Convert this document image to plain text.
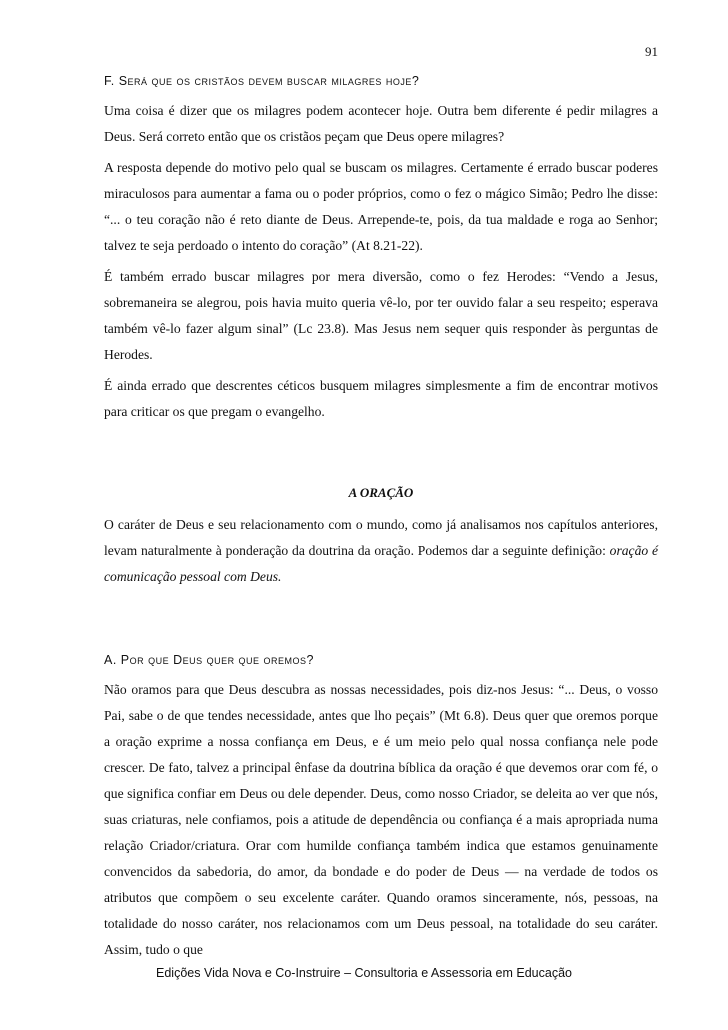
91
F. Será que os cristãos devem buscar milagres hoje?

Uma coisa é dizer que os milagres podem acontecer hoje. Outra bem diferente é pedir milagres a Deus. Será correto então que os cristãos peçam que Deus opere milagres?

A resposta depende do motivo pelo qual se buscam os milagres. Certamente é errado buscar poderes miraculosos para aumentar a fama ou o poder próprios, como o fez o mágico Simão; Pedro lhe disse: “... o teu coração não é reto diante de Deus. Arrepende-te, pois, da tua maldade e roga ao Senhor; talvez te seja perdoado o intento do coração” (At 8.21-22).

É também errado buscar milagres por mera diversão, como o fez Herodes: “Vendo a Jesus, sobremaneira se alegrou, pois havia muito queria vê-lo, por ter ouvido falar a seu respeito; esperava também vê-lo fazer algum sinal” (Lc 23.8). Mas Jesus nem sequer quis responder às perguntas de Herodes.

É ainda errado que descrentes céticos busquem milagres simplesmente a fim de encontrar motivos para criticar os que pregam o evangelho.

A ORAÇÃO

O caráter de Deus e seu relacionamento com o mundo, como já analisamos nos capítulos anteriores, levam naturalmente à ponderação da doutrina da oração. Podemos dar a seguinte definição: oração é comunicação pessoal com Deus.

A. Por que Deus quer que oremos?

Não oramos para que Deus descubra as nossas necessidades, pois diz-nos Jesus: “... Deus, o vosso Pai, sabe o de que tendes necessidade, antes que lho peçais” (Mt 6.8). Deus quer que oremos porque a oração exprime a nossa confiança em Deus, e é um meio pelo qual nossa confiança nele pode crescer. De fato, talvez a principal ênfase da doutrina bíblica da oração é que devemos orar com fé, o que significa confiar em Deus ou dele depender. Deus, como nosso Criador, se deleita ao ver que nós, suas criaturas, nele confiamos, pois a atitude de dependência ou confiança é a mais apropriada numa relação Criador/criatura. Orar com humilde confiança também indica que estamos genuinamente convencidos da sabedoria, do amor, da bondade e do poder de Deus — na verdade de todos os atributos que compõem o seu excelente caráter. Quando oramos sinceramente, nós, pessoas, na totalidade do nosso caráter, nos relacionamos com um Deus pessoal, na totalidade do seu caráter. Assim, tudo o que

Edições Vida Nova e Co-Instruire – Consultoria e Assessoria em Educação
